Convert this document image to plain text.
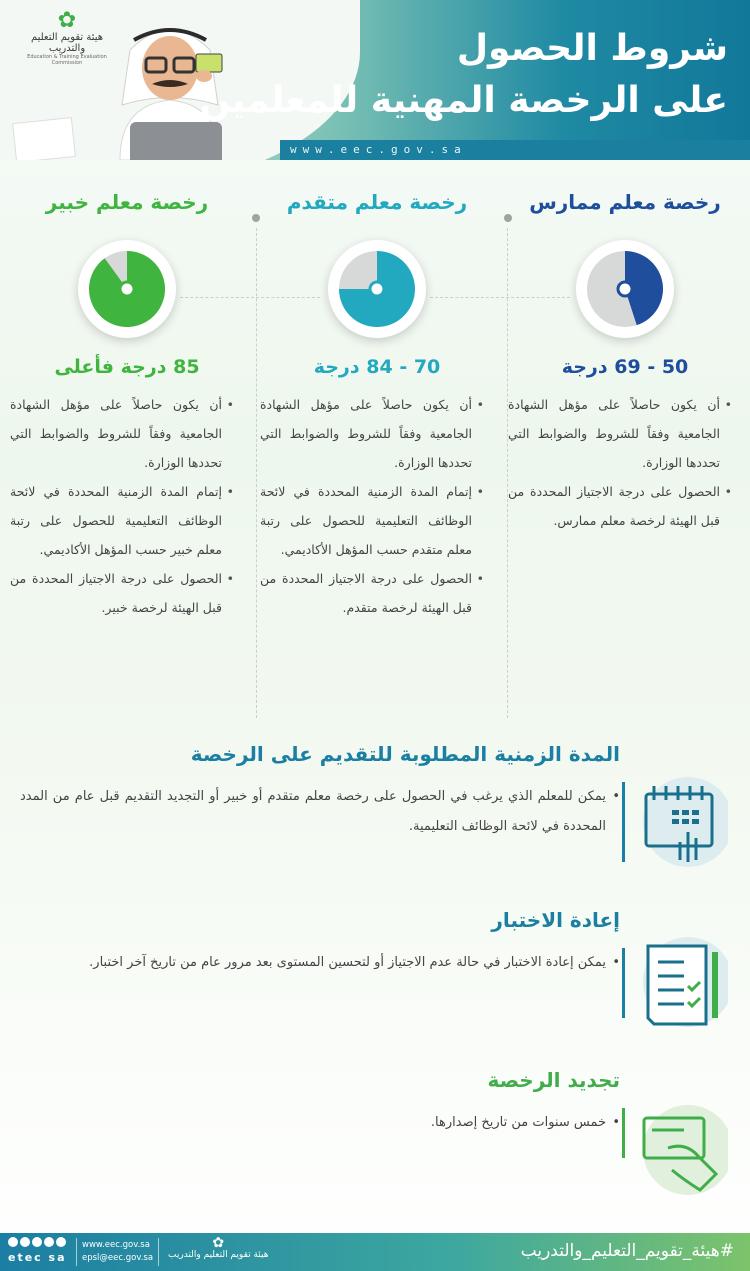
✿
هيئة تقويم التعليم والتدريب
Education & Training Evaluation Commission	شروط الحصول
على الرخصة المهنية للمعلمين
www.eec.gov.sa
رخصة معلم ممارس
50 - 69 درجة
• أن يكون حاصلاً على مؤهل الشهادة الجامعية وفقاً للشروط والضوابط التي تحددها الوزارة.
• الحصول على درجة الاجتياز المحددة من قبل الهيئة لرخصة معلم ممارس.
رخصة معلم متقدم
70 - 84 درجة
• أن يكون حاصلاً على مؤهل الشهادة الجامعية وفقاً للشروط والضوابط التي تحددها الوزارة.
• إتمام المدة الزمنية المحددة في لائحة الوظائف التعليمية للحصول على رتبة معلم متقدم حسب المؤهل الأكاديمي.
• الحصول على درجة الاجتياز المحددة من قبل الهيئة لرخصة متقدم.
رخصة معلم خبير
85 درجة فأعلى
• أن يكون حاصلاً على مؤهل الشهادة الجامعية وفقاً للشروط والضوابط التي تحددها الوزارة.
• إتمام المدة الزمنية المحددة في لائحة الوظائف التعليمية للحصول على رتبة معلم خبير حسب المؤهل الأكاديمي.
• الحصول على درجة الاجتياز المحددة من قبل الهيئة لرخصة خبير.
المدة الزمنية المطلوبة للتقديم على الرخصة
• يمكن للمعلم الذي يرغب في الحصول على رخصة معلم متقدم أو خبير أو التجديد التقديم قبل عام من المدد المحددة في لائحة الوظائف التعليمية.
إعادة الاختبار
• يمكن إعادة الاختبار في حالة عدم الاجتياز أو لتحسين المستوى بعد مرور عام من تاريخ آخر اختبار.
تجديد الرخصة
• خمس سنوات من تاريخ إصدارها.
etec sa
www.eec.gov.sa
epsl@eec.gov.sa
✿
هيئة تقويم التعليم والتدريب	#هيئة_تقويم_التعليم_والتدريب
